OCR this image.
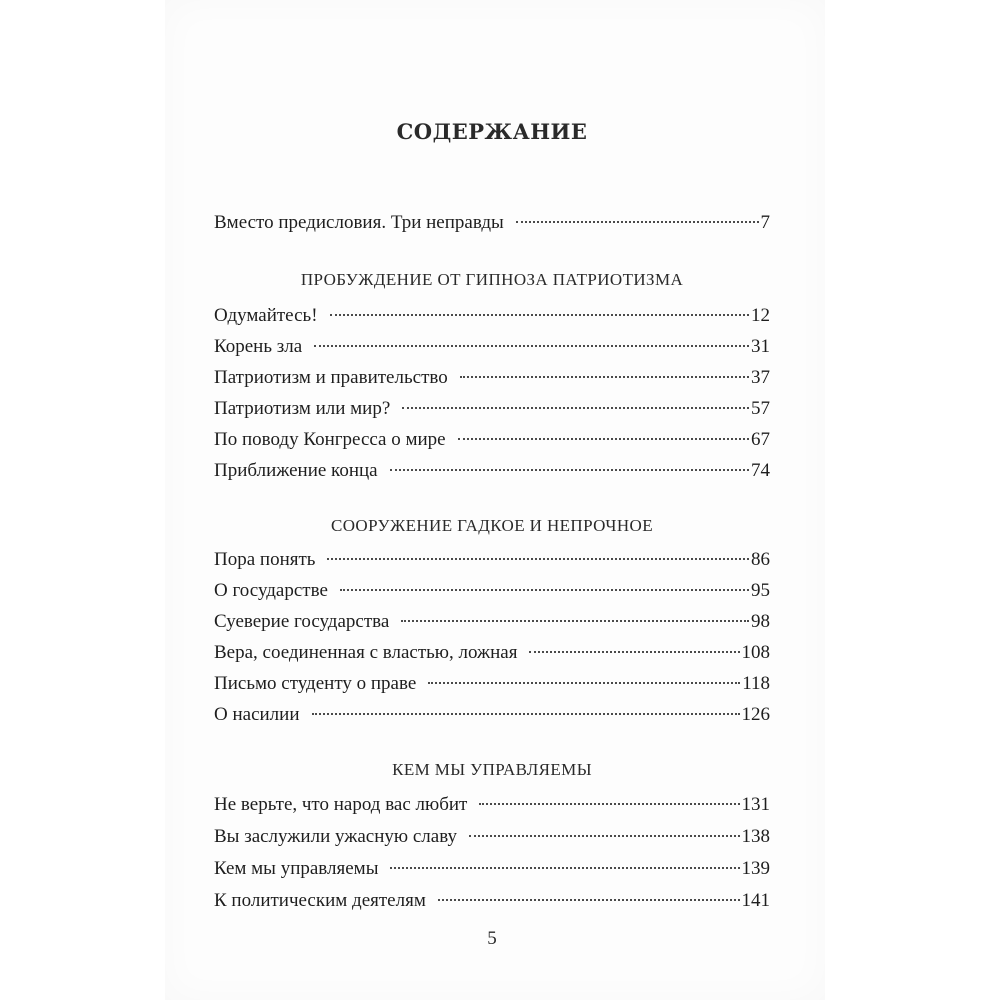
СОДЕРЖАНИЕ
Вместо предисловия. Три неправды	7
ПРОБУЖДЕНИЕ ОТ ГИПНОЗА ПАТРИОТИЗМА
Одумайтесь!	12
Корень зла	31
Патриотизм и правительство	37
Патриотизм или мир?	57
По поводу Конгресса о мире	67
Приближение конца	74
СООРУЖЕНИЕ ГАДКОЕ И НЕПРОЧНОЕ
Пора понять	86
О государстве	95
Суеверие государства	98
Вера, соединенная с властью, ложная	108
Письмо студенту о праве	118
О насилии	126
КЕМ МЫ УПРАВЛЯЕМЫ
Не верьте, что народ вас любит	131
Вы заслужили ужасную славу	138
Кем мы управляемы	139
К политическим деятелям	141
5
